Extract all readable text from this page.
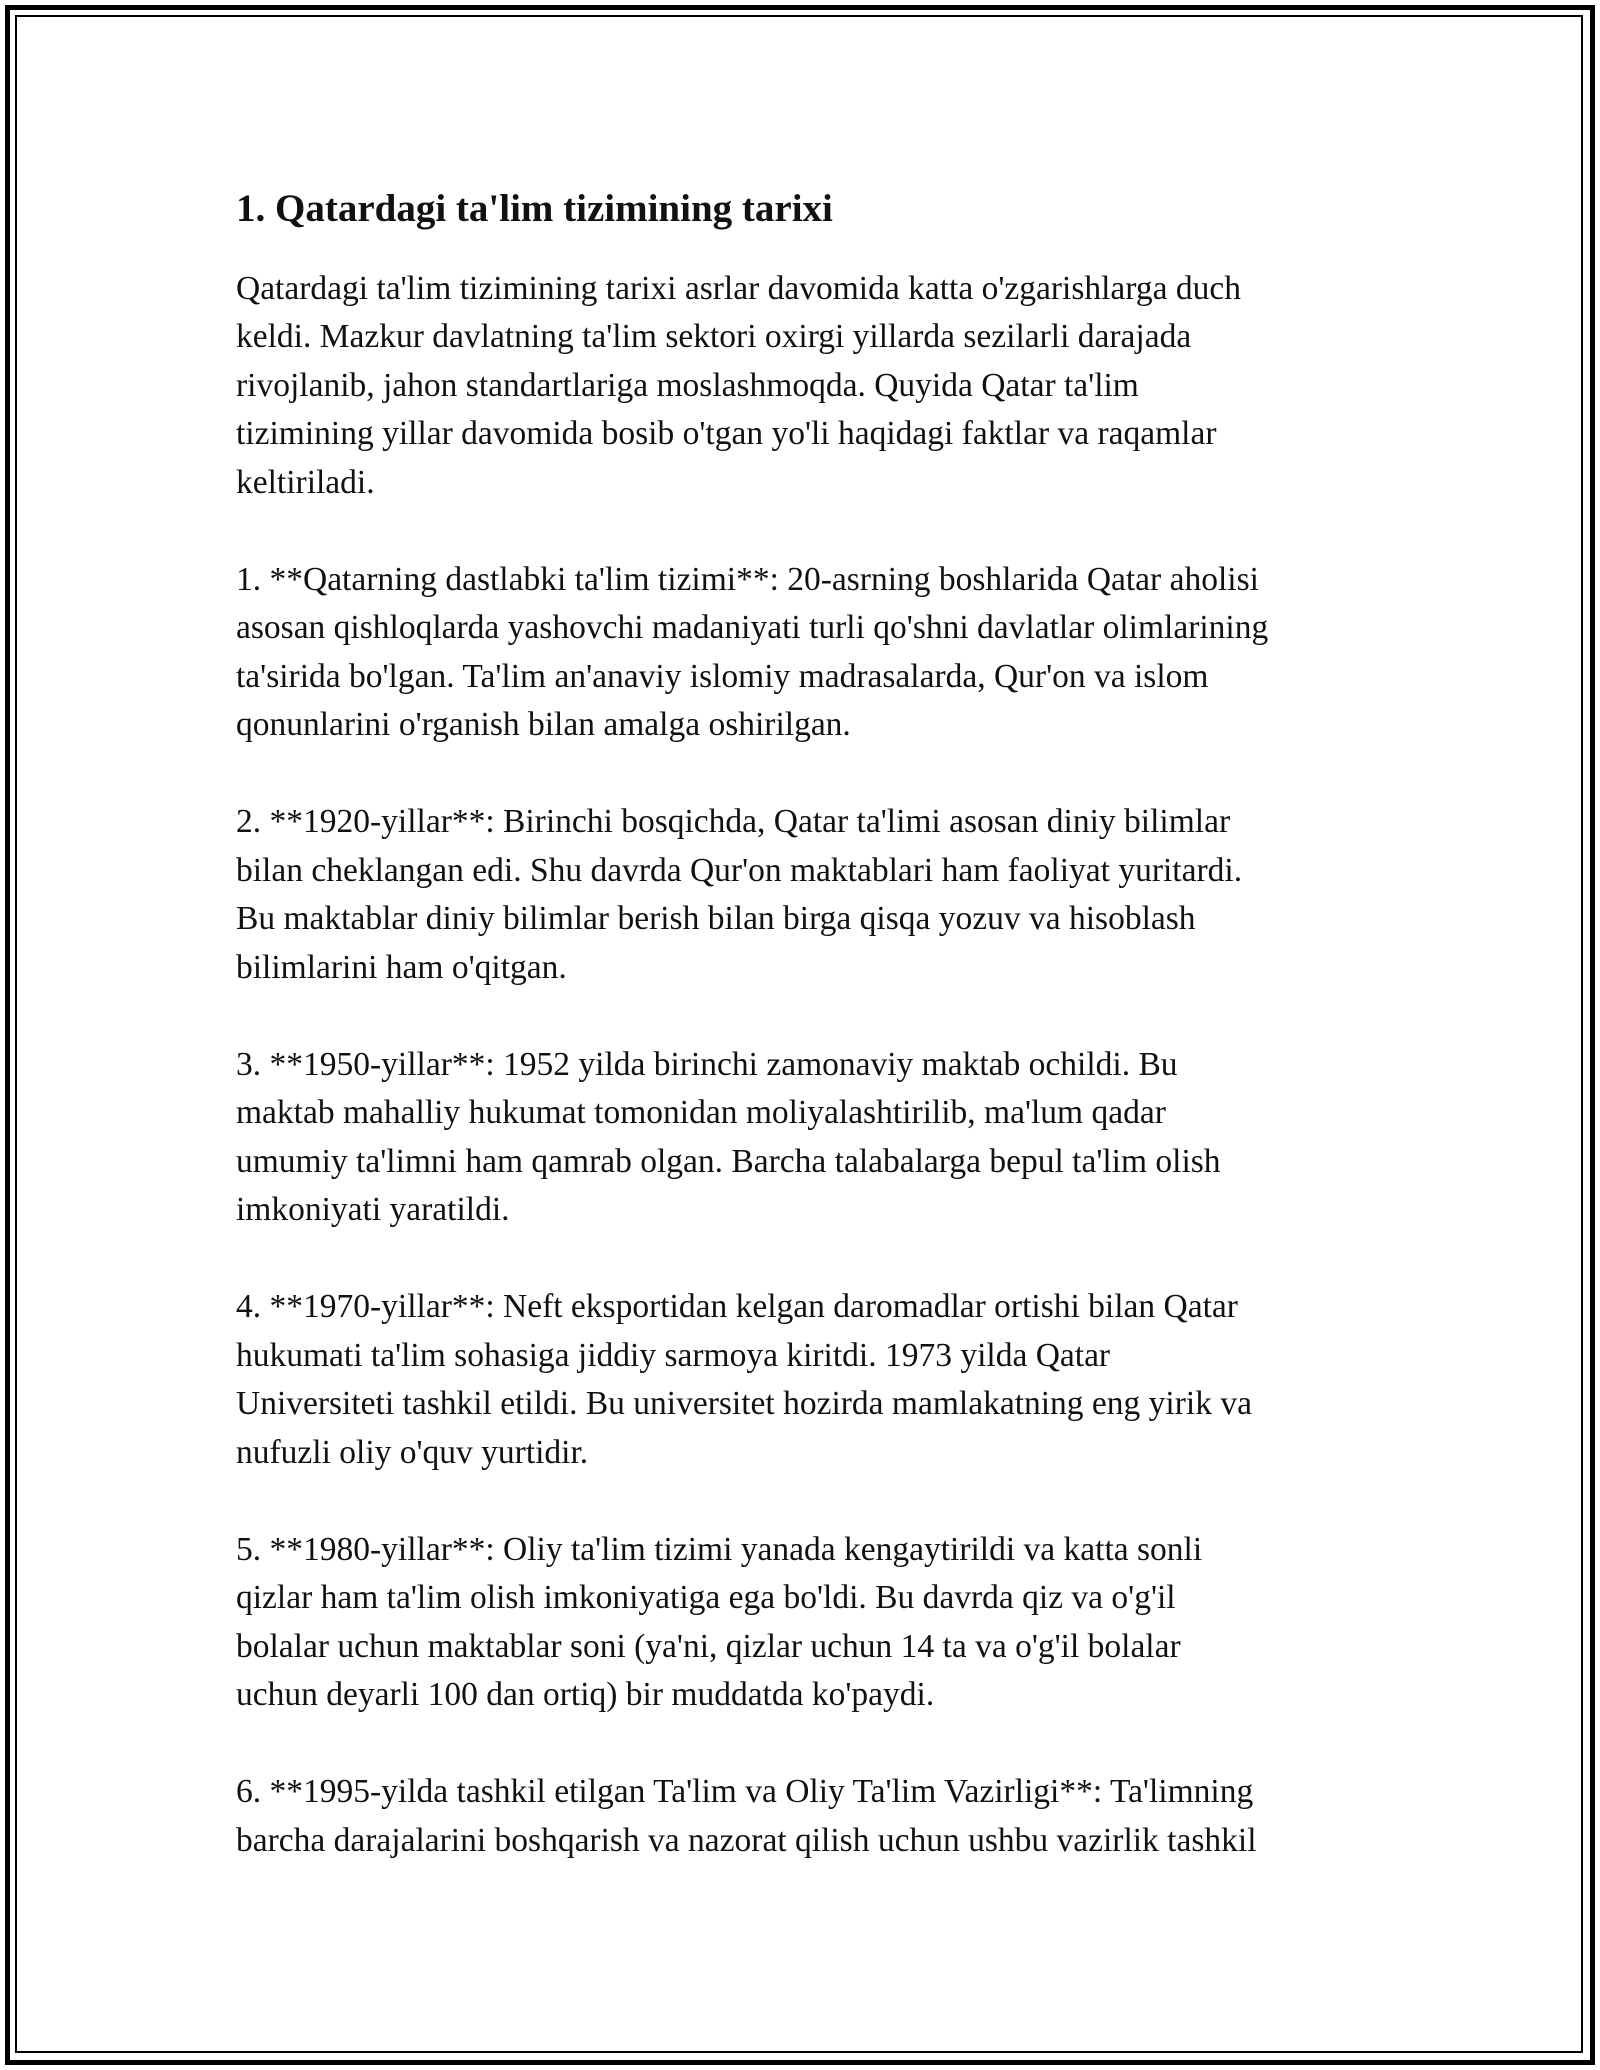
1. Qatardagi ta'lim tizimining tarixi

Qatardagi ta'lim tizimining tarixi asrlar davomida katta o'zgarishlarga duch
keldi. Mazkur davlatning ta'lim sektori oxirgi yillarda sezilarli darajada
rivojlanib, jahon standartlariga moslashmoqda. Quyida Qatar ta'lim
tizimining yillar davomida bosib o'tgan yo'li haqidagi faktlar va raqamlar
keltiriladi.

1. **Qatarning dastlabki ta'lim tizimi**: 20-asrning boshlarida Qatar aholisi
asosan qishloqlarda yashovchi madaniyati turli qo'shni davlatlar olimlarining
ta'sirida bo'lgan. Ta'lim an'anaviy islomiy madrasalarda, Qur'on va islom
qonunlarini o'rganish bilan amalga oshirilgan.

2. **1920-yillar**: Birinchi bosqichda, Qatar ta'limi asosan diniy bilimlar
bilan cheklangan edi. Shu davrda Qur'on maktablari ham faoliyat yuritardi.
Bu maktablar diniy bilimlar berish bilan birga qisqa yozuv va hisoblash
bilimlarini ham o'qitgan.

3. **1950-yillar**: 1952 yilda birinchi zamonaviy maktab ochildi. Bu
maktab mahalliy hukumat tomonidan moliyalashtirilib, ma'lum qadar
umumiy ta'limni ham qamrab olgan. Barcha talabalarga bepul ta'lim olish
imkoniyati yaratildi.

4. **1970-yillar**: Neft eksportidan kelgan daromadlar ortishi bilan Qatar
hukumati ta'lim sohasiga jiddiy sarmoya kiritdi. 1973 yilda Qatar
Universiteti tashkil etildi. Bu universitet hozirda mamlakatning eng yirik va
nufuzli oliy o'quv yurtidir.

5. **1980-yillar**: Oliy ta'lim tizimi yanada kengaytirildi va katta sonli
qizlar ham ta'lim olish imkoniyatiga ega bo'ldi. Bu davrda qiz va o'g'il
bolalar uchun maktablar soni (ya'ni, qizlar uchun 14 ta va o'g'il bolalar
uchun deyarli 100 dan ortiq) bir muddatda ko'paydi.

6. **1995-yilda tashkil etilgan Ta'lim va Oliy Ta'lim Vazirligi**: Ta'limning
barcha darajalarini boshqarish va nazorat qilish uchun ushbu vazirlik tashkil
